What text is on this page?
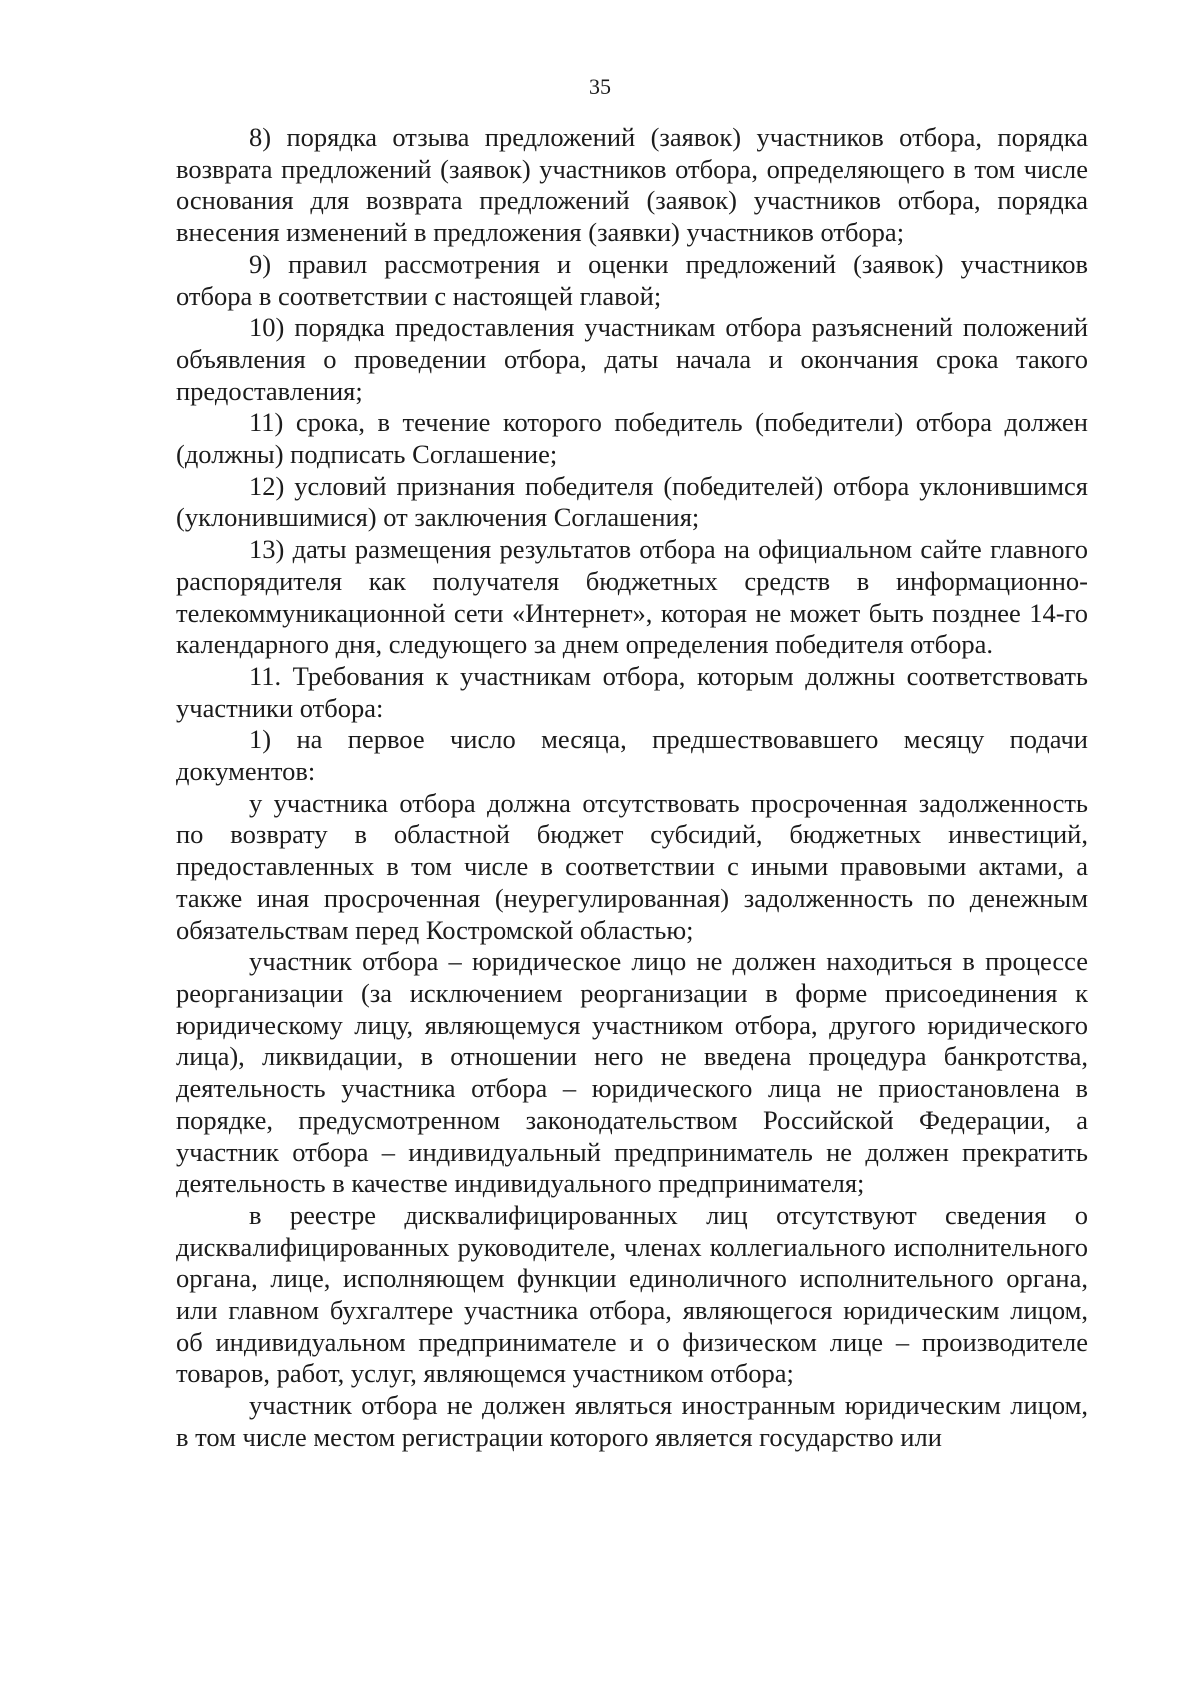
35

8) порядка отзыва предложений (заявок) участников отбора, порядка возврата предложений (заявок) участников отбора, определяющего в том числе основания для возврата предложений (заявок) участников отбора, порядка внесения изменений в предложения (заявки) участников отбора;

9) правил рассмотрения и оценки предложений (заявок) участников отбора в соответствии с настоящей главой;

10) порядка предоставления участникам отбора разъяснений положений объявления о проведении отбора, даты начала и окончания срока такого предоставления;

11) срока, в течение которого победитель (победители) отбора должен (должны) подписать Соглашение;

12) условий признания победителя (победителей) отбора уклонившимся (уклонившимися) от заключения Соглашения;

13) даты размещения результатов отбора на официальном сайте главного распорядителя как получателя бюджетных средств в информационно-телекоммуникационной сети «Интернет», которая не может быть позднее 14-го календарного дня, следующего за днем определения победителя отбора.

11. Требования к участникам отбора, которым должны соответствовать участники отбора:

1) на первое число месяца, предшествовавшего месяцу подачи документов:

у участника отбора должна отсутствовать просроченная задолженность по возврату в областной бюджет субсидий, бюджетных инвестиций, предоставленных в том числе в соответствии с иными правовыми актами, а также иная просроченная (неурегулированная) задолженность по денежным обязательствам перед Костромской областью;

участник отбора – юридическое лицо не должен находиться в процессе реорганизации (за исключением реорганизации в форме присоединения к юридическому лицу, являющемуся участником отбора, другого юридического лица), ликвидации, в отношении него не введена процедура банкротства, деятельность участника отбора – юридического лица не приостановлена в порядке, предусмотренном законодательством Российской Федерации, а участник отбора – индивидуальный предприниматель не должен прекратить деятельность в качестве индивидуального предпринимателя;

в реестре дисквалифицированных лиц отсутствуют сведения о дисквалифицированных руководителе, членах коллегиального исполнительного органа, лице, исполняющем функции единоличного исполнительного органа, или главном бухгалтере участника отбора, являющегося юридическим лицом, об индивидуальном предпринимателе и о физическом лице – производителе товаров, работ, услуг, являющемся участником отбора;

участник отбора не должен являться иностранным юридическим лицом, в том числе местом регистрации которого является государство или
